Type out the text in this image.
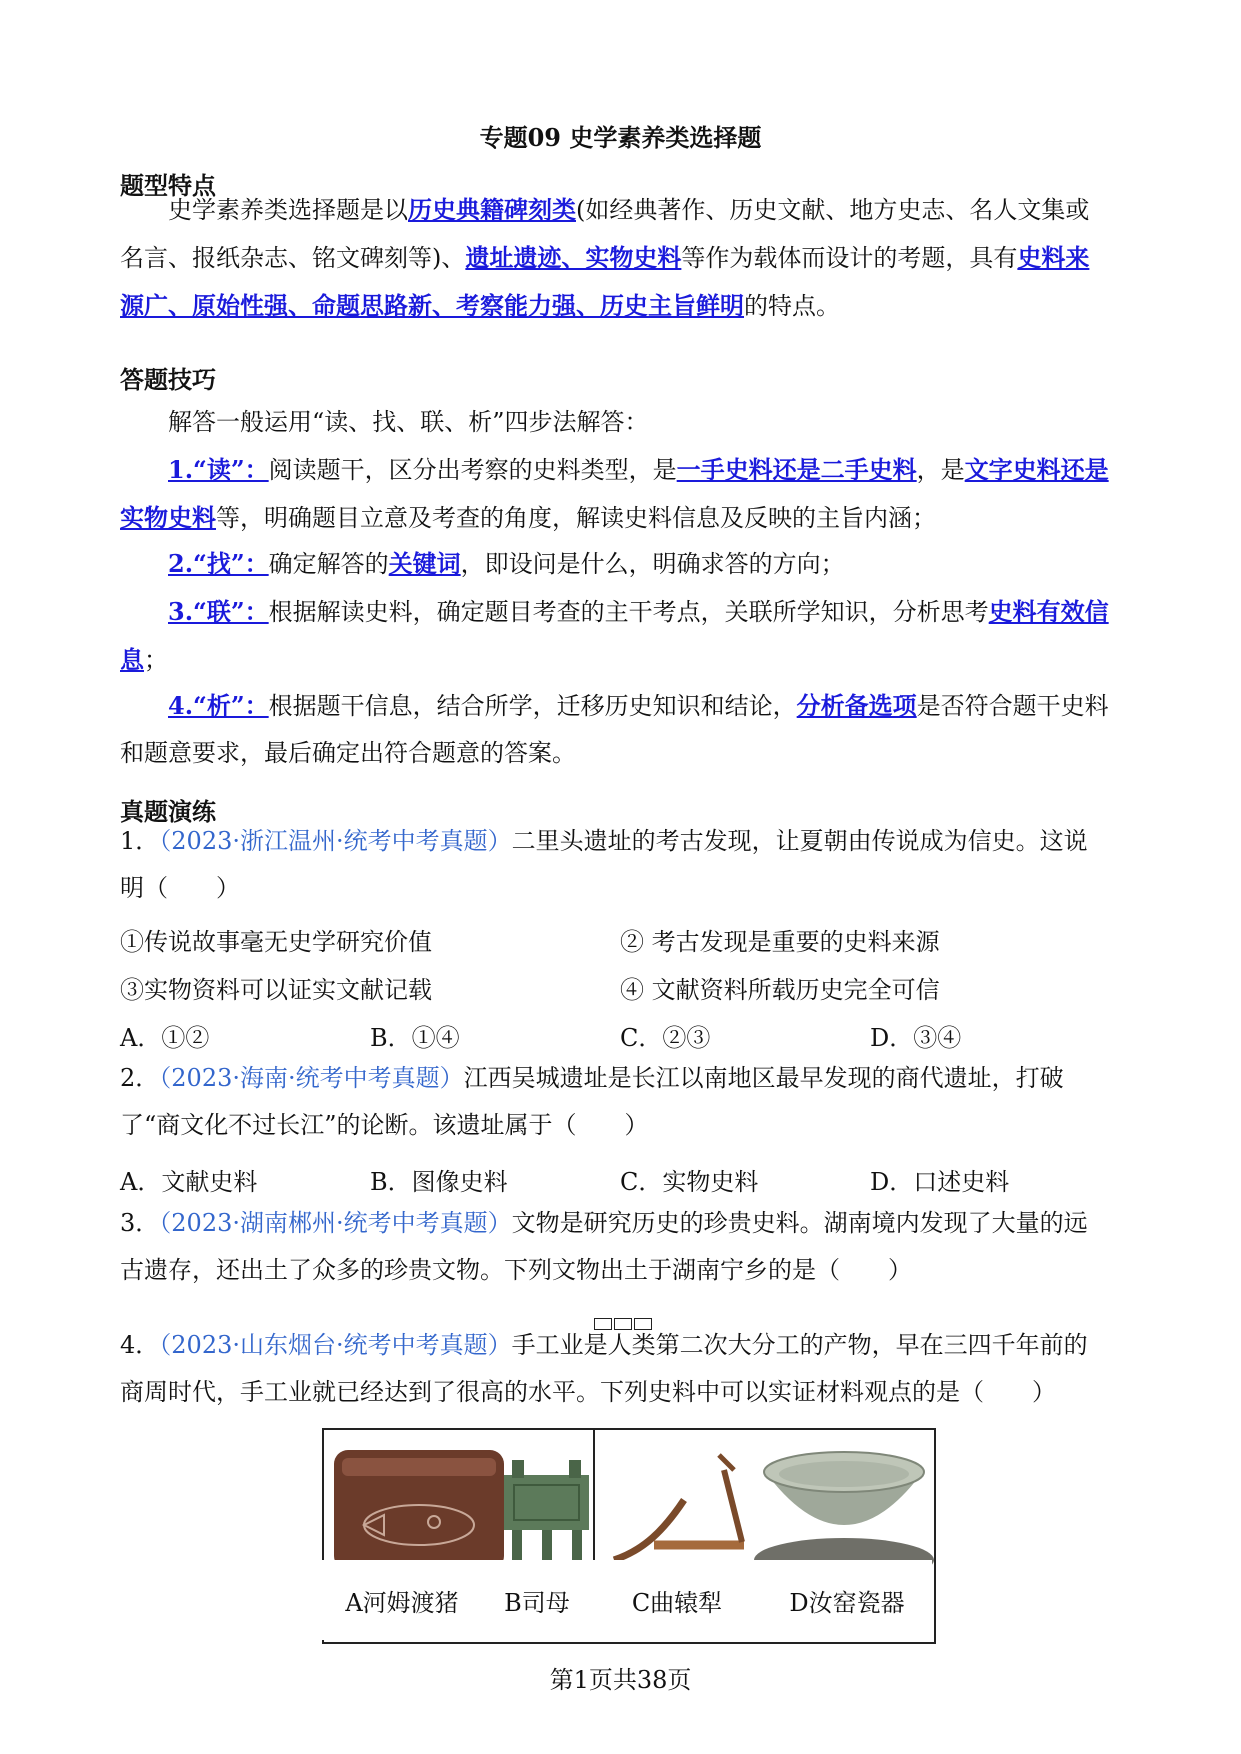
专题09 史学素养类选择题
题型特点
史学素养类选择题是以历史典籍碑刻类(如经典著作、历史文献、地方史志、名人文集或名言、报纸杂志、铭文碑刻等)、遗址遗迹、实物史料等作为载体而设计的考题，具有史料来源广、原始性强、命题思路新、考察能力强、历史主旨鲜明的特点。
答题技巧
解答一般运用“读、找、联、析”四步法解答：
1.“读”：阅读题干，区分出考察的史料类型，是一手史料还是二手史料，是文字史料还是实物史料等，明确题目立意及考查的角度，解读史料信息及反映的主旨内涵；
2.“找”：确定解答的关键词，即设问是什么，明确求答的方向；
3.“联”：根据解读史料，确定题目考查的主干考点，关联所学知识，分析思考史料有效信息；
4.“析”：根据题干信息，结合所学，迁移历史知识和结论，分析备选项是否符合题干史料和题意要求，最后确定出符合题意的答案。
真题演练
1．（2023·浙江温州·统考中考真题）二里头遗址的考古发现，让夏朝由传说成为信史。这说明（　　）
①传说故事毫无史学研究价值	② 考古发现是重要的史料来源
③实物资料可以证实文献记载	④ 文献资料所载历史完全可信
A．①②	B．①④	C．②③	D．③④
2．（2023·海南·统考中考真题）江西吴城遗址是长江以南地区最早发现的商代遗址，打破了“商文化不过长江”的论断。该遗址属于（　　）
A．文献史料	B．图像史料	C．实物史料	D．口述史料
3．（2023·湖南郴州·统考中考真题）文物是研究历史的珍贵史料。湖南境内发现了大量的远古遗存，还出土了众多的珍贵文物。下列文物出土于湖南宁乡的是（　　）
4．（2023·山东烟台·统考中考真题）手工业是人类第二次大分工的产物，早在三四千年前的商周时代，手工业就已经达到了很高的水平。下列史料中可以实证材料观点的是（　　）
A河姆渡猪	B司母	C曲辕犁	D汝窑瓷器
第1页共38页
